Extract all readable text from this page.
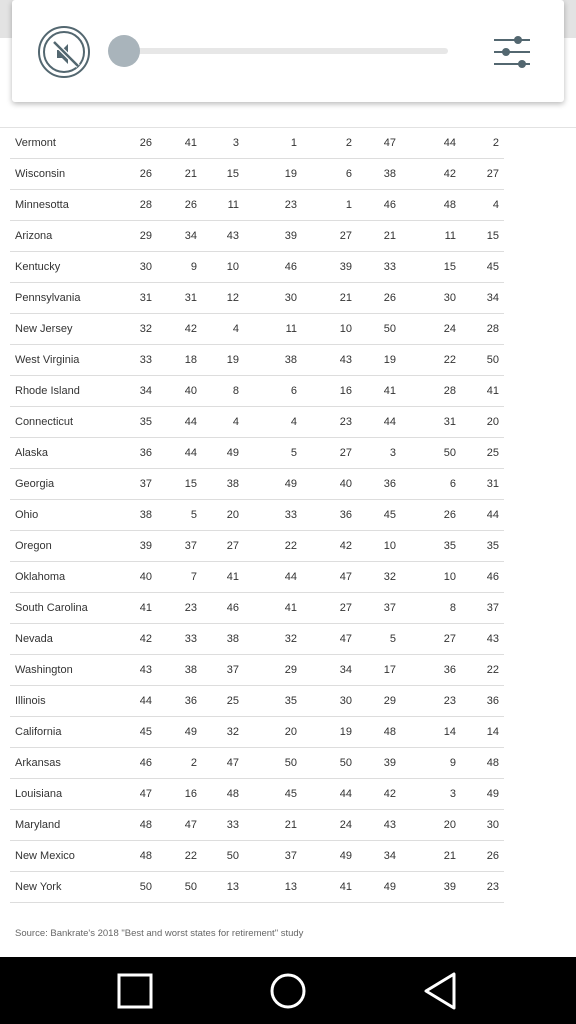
Vermont	26	41	3	1	2	47	44	2
Wisconsin	26	21	15	19	6	38	42	27
Minnesotta	28	26	11	23	1	46	48	4
Arizona	29	34	43	39	27	21	11	15
Kentucky	30	9	10	46	39	33	15	45
Pennsylvania	31	31	12	30	21	26	30	34
New Jersey	32	42	4	11	10	50	24	28
West Virginia	33	18	19	38	43	19	22	50
Rhode Island	34	40	8	6	16	41	28	41
Connecticut	35	44	4	4	23	44	31	20
Alaska	36	44	49	5	27	3	50	25
Georgia	37	15	38	49	40	36	6	31
Ohio	38	5	20	33	36	45	26	44
Oregon	39	37	27	22	42	10	35	35
Oklahoma	40	7	41	44	47	32	10	46
South Carolina	41	23	46	41	27	37	8	37
Nevada	42	33	38	32	47	5	27	43
Washington	43	38	37	29	34	17	36	22
Illinois	44	36	25	35	30	29	23	36
California	45	49	32	20	19	48	14	14
Arkansas	46	2	47	50	50	39	9	48
Louisiana	47	16	48	45	44	42	3	49
Maryland	48	47	33	21	24	43	20	30
New Mexico	48	22	50	37	49	34	21	26
New York	50	50	13	13	41	49	39	23
Source: Bankrate's 2018 "Best and worst states for retirement" study
